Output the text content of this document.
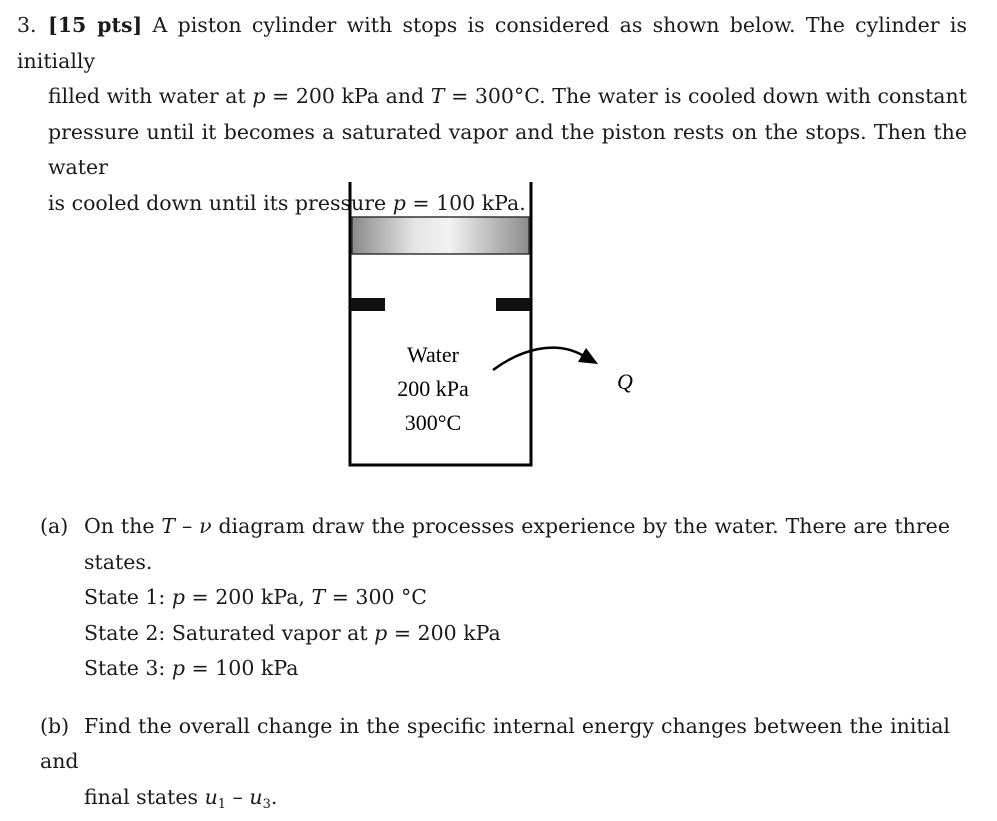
3. [15 pts] A piston cylinder with stops is considered as shown below. The cylinder is initially
filled with water at p = 200 kPa and T = 300°C. The water is cooled down with constant
pressure until it becomes a saturated vapor and the piston rests on the stops. Then the water
is cooled down until its pressure p = 100 kPa.
Water
200 kPa
300°C
Q
(a) On the T – ν diagram draw the processes experience by the water. There are three
states.
State 1: p = 200 kPa, T = 300 °C
State 2: Saturated vapor at p = 200 kPa
State 3: p = 100 kPa
(b) Find the overall change in the specific internal energy changes between the initial and
final states $u_1 - u_3$.
